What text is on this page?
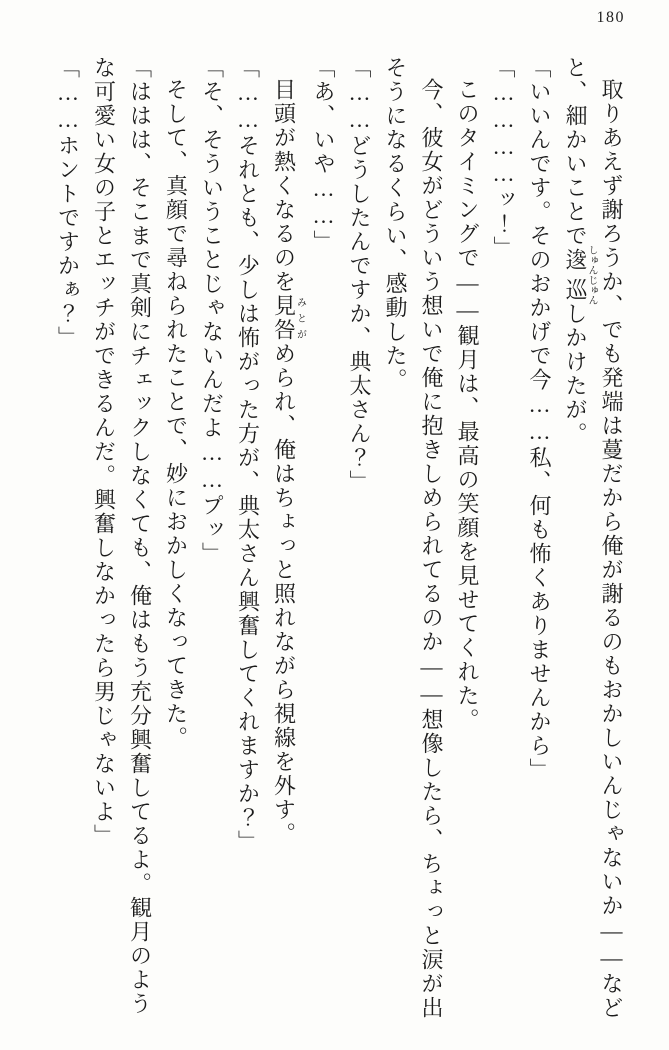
180

取りあえず謝ろうか、でも発端は蔓だから俺が謝るのもおかしいんじゃないか――などと、細かいことで逡巡しゅんじゅんしかけたが。

「いいんです。そのおかげで今……私、何も怖くありませんから」

「…………ッ！」

このタイミングで――観月は、最高の笑顔を見せてくれた。

今、彼女がどういう想いで俺に抱きしめられてるのか――想像したら、ちょっと涙が出そうになるくらい、感動した。

「……どうしたんですか、典太さん？」

「あ、いや……」

目頭が熱くなるのを見咎みとがめられ、俺はちょっと照れながら視線を外す。

「……それとも、少しは怖がった方が、典太さん興奮してくれますか？」

「そ、そういうことじゃないんだよ……プッ」

そして、真顔で尋ねられたことで、妙におかしくなってきた。

「ははは、そこまで真剣にチェックしなくても、俺はもう充分興奮してるよ。観月のような可愛い女の子とエッチができるんだ。興奮しなかったら男じゃないよ」

「……ホントですかぁ？」
